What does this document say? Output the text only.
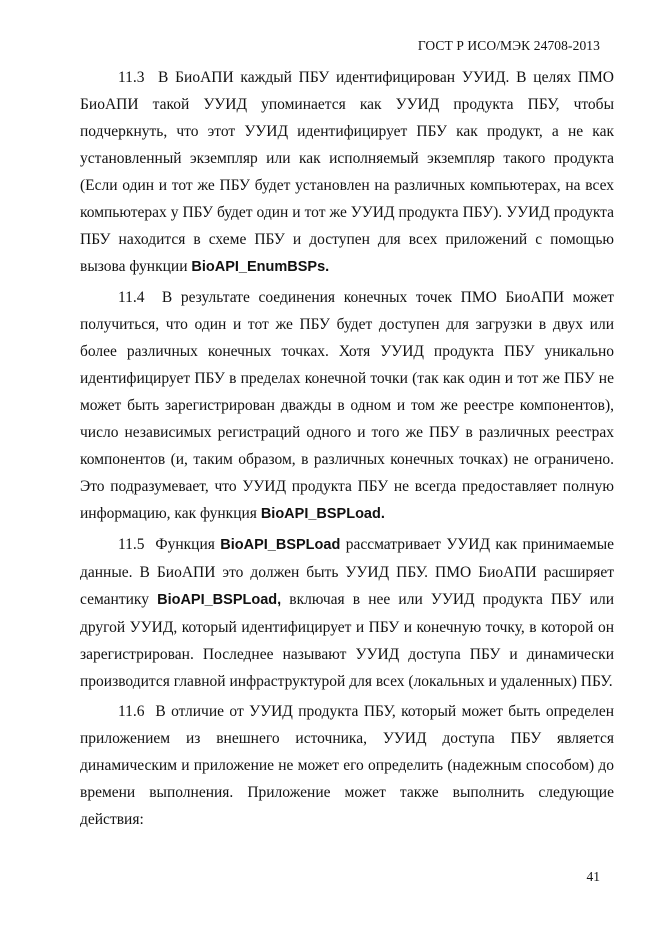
ГОСТ Р ИСО/МЭК 24708-2013

11.3  В БиоАПИ каждый ПБУ идентифицирован УУИД. В целях ПМО БиоАПИ такой УУИД упоминается как УУИД продукта ПБУ, чтобы подчеркнуть, что этот УУИД идентифицирует ПБУ как продукт, а не как установленный экземпляр или как исполняемый экземпляр такого продукта (Если один и тот же ПБУ будет установлен на различных компьютерах, на всех компьютерах у ПБУ будет один и тот же УУИД продукта ПБУ). УУИД продукта ПБУ находится в схеме ПБУ и доступен для всех приложений с помощью вызова функции BioAPI_EnumBSPs.

11.4  В результате соединения конечных точек ПМО БиоАПИ может получиться, что один и тот же ПБУ будет доступен для загрузки в двух или более различных конечных точках. Хотя УУИД продукта ПБУ уникально идентифицирует ПБУ в пределах конечной точки (так как один и тот же ПБУ не может быть зарегистрирован дважды в одном и том же реестре компонентов), число независимых регистраций одного и того же ПБУ в различных реестрах компонентов (и, таким образом, в различных конечных точках) не ограничено. Это подразумевает, что УУИД продукта ПБУ не всегда предоставляет полную информацию, как функция BioAPI_BSPLoad.

11.5  Функция BioAPI_BSPLoad рассматривает УУИД как принимаемые данные. В БиоАПИ это должен быть УУИД ПБУ. ПМО БиоАПИ расширяет семантику BioAPI_BSPLoad, включая в нее или УУИД продукта ПБУ или другой УУИД, который идентифицирует и ПБУ и конечную точку, в которой он зарегистрирован. Последнее называют УУИД доступа ПБУ и динамически производится главной инфраструктурой для всех (локальных и удаленных) ПБУ.

11.6  В отличие от УУИД продукта ПБУ, который может быть определен приложением из внешнего источника, УУИД доступа ПБУ является динамическим и приложение не может его определить (надежным способом) до времени выполнения. Приложение может также выполнить следующие действия:

41
